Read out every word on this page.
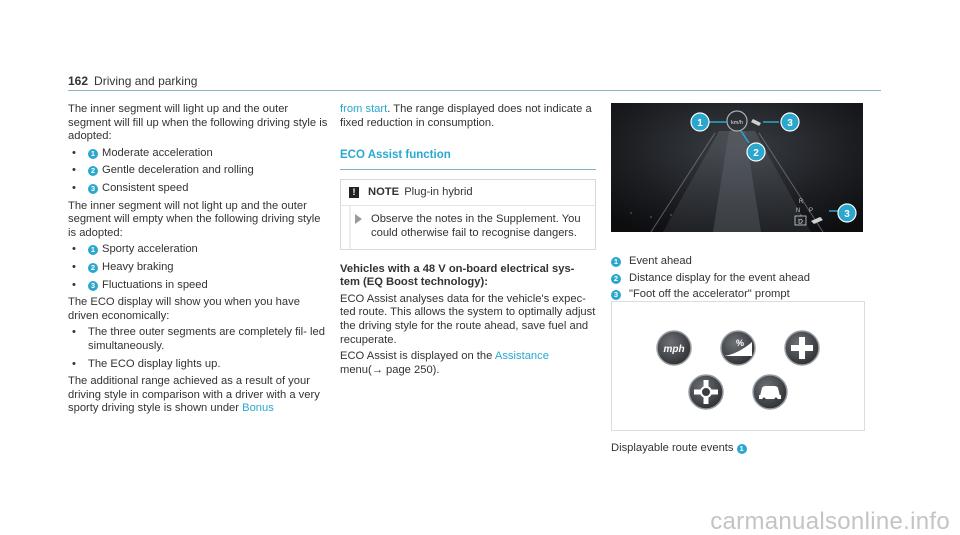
162 Driving and parking

The inner segment will light up and the outer segment will fill up when the following driving style is adopted:

• 1 Moderate acceleration
• 2 Gentle deceleration and rolling
• 3 Consistent speed

The inner segment will not light up and the outer segment will empty when the following driving style is adopted:

• 1 Sporty acceleration
• 2 Heavy braking
• 3 Fluctuations in speed

The ECO display will show you when you have driven economically:

• The three outer segments are completely fil- led simultaneously.
• The ECO display lights up.

The additional range achieved as a result of your driving style in comparison with a driver with a very sporty driving style is shown under Bonus

from start. The range displayed does not indicate a fixed reduction in consumption.

ECO Assist function
! NOTE Plug-in hybrid
Observe the notes in the Supplement. You could otherwise fail to recognise dangers.

Vehicles with a 48 V on-board electrical sys- tem (EQ Boost technology):

ECO Assist analyses data for the vehicle's expec- ted route. This allows the system to optimally adjust the driving style for the route ahead, save fuel and recuperate.

ECO Assist is displayed on the Assistance
menu(→ page 250).

km/h
1	3
2
R
N P
D
3
1 Event ahead
2 Distance display for the event ahead
3 "Foot off the accelerator" prompt
mph
%
Displayable route events 1
carmanualsonline.info
